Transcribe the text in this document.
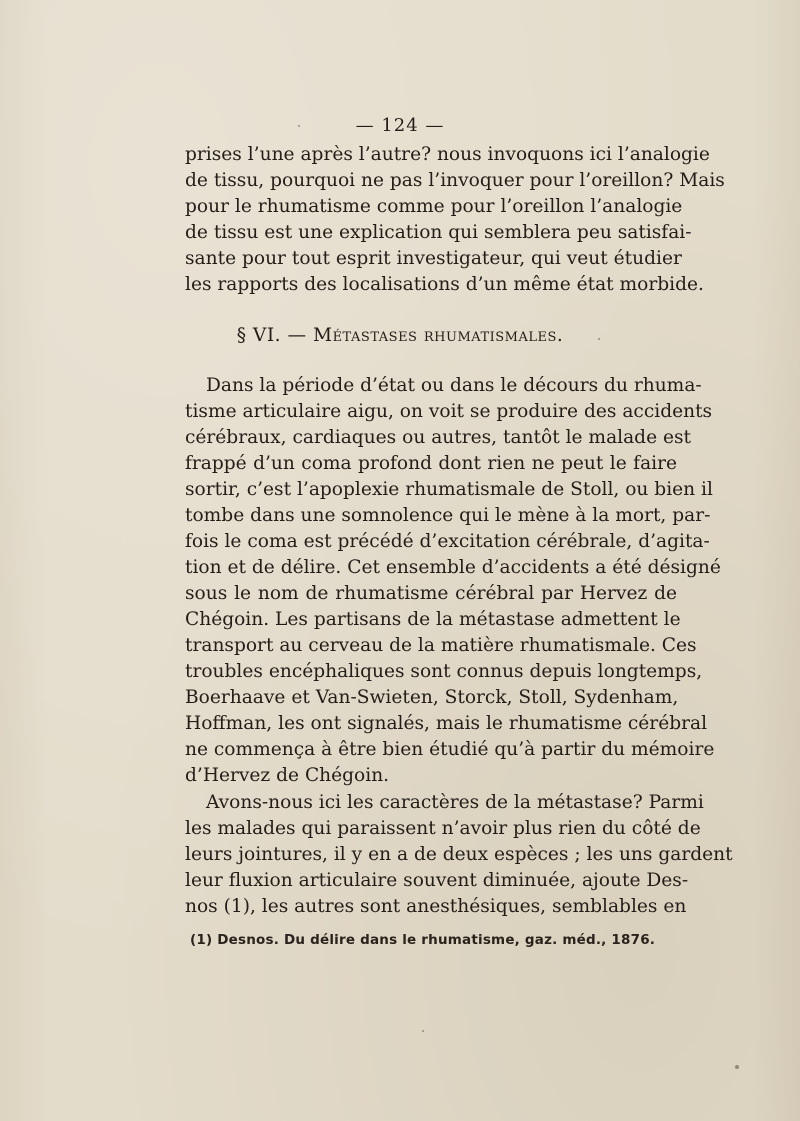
— 124 —
prises l’une après l’autre? nous invoquons ici l’analogie
de tissu, pourquoi ne pas l’invoquer pour l’oreillon? Mais
pour le rhumatisme comme pour l’oreillon l’analogie
de tissu est une explication qui semblera peu satisfai-
sante pour tout esprit investigateur, qui veut étudier
les rapports des localisations d’un même état morbide.
§ VI. — Métastases rhumatismales.
Dans la période d’état ou dans le décours du rhuma-
tisme articulaire aigu, on voit se produire des accidents
cérébraux, cardiaques ou autres, tantôt le malade est
frappé d’un coma profond dont rien ne peut le faire
sortir, c’est l’apoplexie rhumatismale de Stoll, ou bien il
tombe dans une somnolence qui le mène à la mort, par-
fois le coma est précédé d’excitation cérébrale, d’agita-
tion et de délire. Cet ensemble d’accidents a été désigné
sous le nom de rhumatisme cérébral par Hervez de
Chégoin. Les partisans de la métastase admettent le
transport au cerveau de la matière rhumatismale. Ces
troubles encéphaliques sont connus depuis longtemps,
Boerhaave et Van-Swieten, Storck, Stoll, Sydenham,
Hoffman, les ont signalés, mais le rhumatisme cérébral
ne commença à être bien étudié qu’à partir du mémoire
d’Hervez de Chégoin.
Avons-nous ici les caractères de la métastase? Parmi
les malades qui paraissent n’avoir plus rien du côté de
leurs jointures, il y en a de deux espèces ; les uns gardent
leur fluxion articulaire souvent diminuée, ajoute Des-
nos (1), les autres sont anesthésiques, semblables en
(1) Desnos. Du délire dans le rhumatisme, gaz. méd., 1876.
